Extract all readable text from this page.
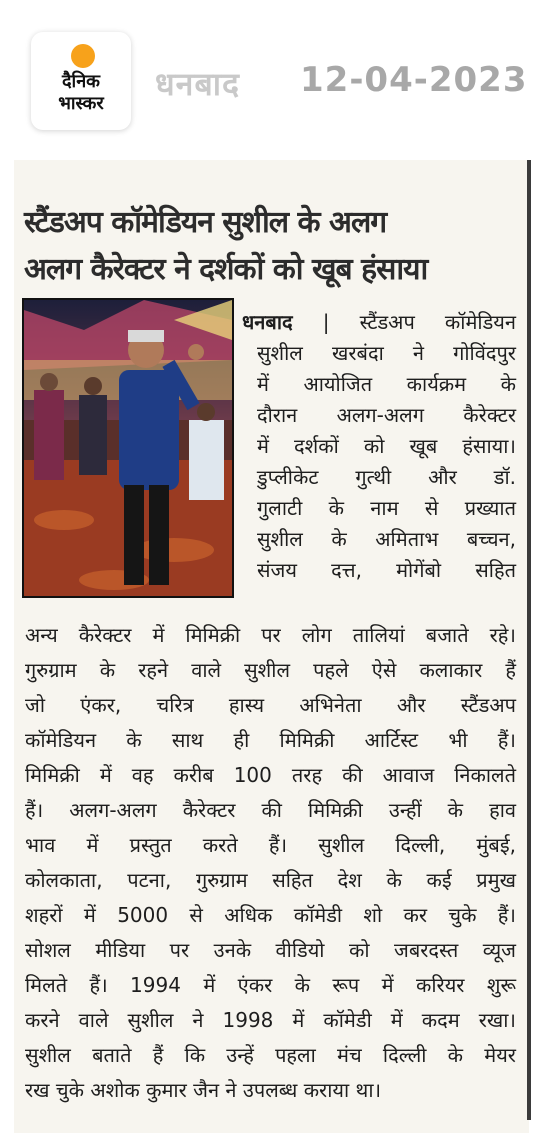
दैनिक
भास्कर
धनबाद 12-04-2023
स्टैंडअप कॉमेडियन सुशील के अलग
अलग कैरेक्टर ने दर्शकों को खूब हंसाया
धनबाद | स्टैंडअप कॉमेडियन
सुशील खरबंदा ने गोविंदपुर
में आयोजित कार्यक्रम के
दौरान अलग-अलग कैरेक्टर
में दर्शकों को खूब हंसाया।
डुप्लीकेट गुत्थी और डॉ.
गुलाटी के नाम से प्रख्यात
सुशील के अमिताभ बच्चन,
संजय दत्त, मोगेंबो सहित
अन्य कैरेक्टर में मिमिक्री पर लोग तालियां बजाते रहे।
गुरुग्राम के रहने वाले सुशील पहले ऐसे कलाकार हैं
जो एंकर, चरित्र हास्य अभिनेता और स्टैंडअप
कॉमेडियन के साथ ही मिमिक्री आर्टिस्ट भी हैं।
मिमिक्री में वह करीब 100 तरह की आवाज निकालते
हैं। अलग-अलग कैरेक्टर की मिमिक्री उन्हीं के हाव
भाव में प्रस्तुत करते हैं। सुशील दिल्ली, मुंबई,
कोलकाता, पटना, गुरुग्राम सहित देश के कई प्रमुख
शहरों में 5000 से अधिक कॉमेडी शो कर चुके हैं।
सोशल मीडिया पर उनके वीडियो को जबरदस्त व्यूज
मिलते हैं। 1994 में एंकर के रूप में करियर शुरू
करने वाले सुशील ने 1998 में कॉमेडी में कदम रखा।
सुशील बताते हैं कि उन्हें पहला मंच दिल्ली के मेयर
रख चुके अशोक कुमार जैन ने उपलब्ध कराया था।
